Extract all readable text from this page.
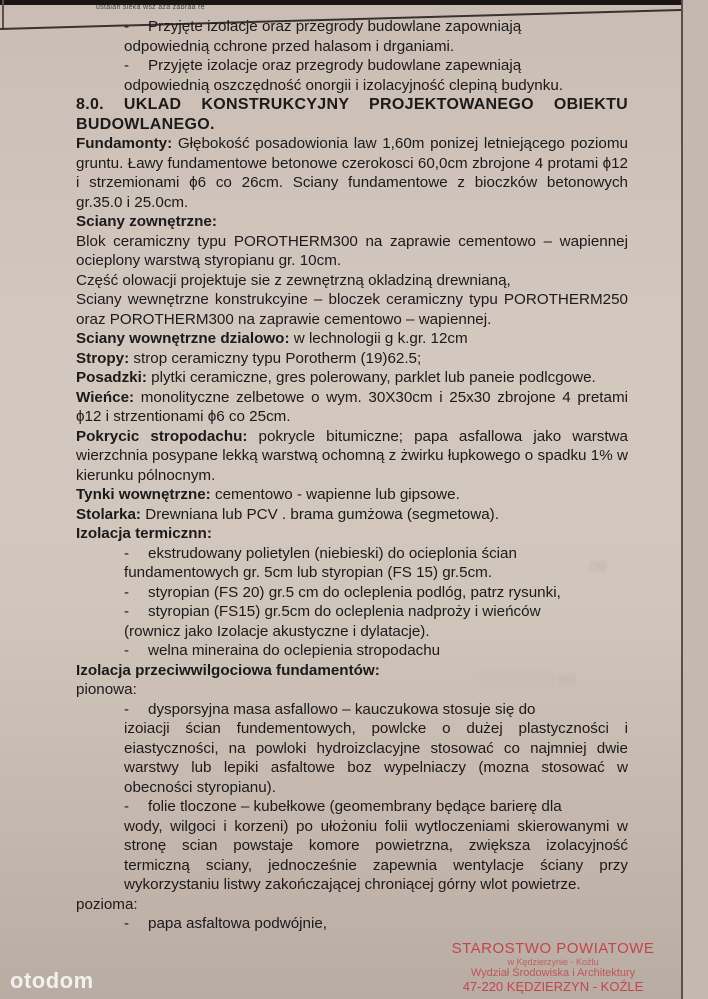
ustalan sieka wsz aza zabraa re
00
░░░░░░░ 00

- Przyjęte izolacje oraz przegrody budowlane zapowniają

odpowiednią cchrone przed halasom i drganiami.

- Przyjęte izolacje oraz przegrody budowlane zapewniają

odpowiednią oszczędność onorgii i izolacyjność clepiną budynku.

8.0. UKLAD KONSTRUKCYJNY PROJEKTOWANEGO OBIEKTU BUDOWLANEGO.

Fundamonty: Głębokość posadowionia law 1,60m ponizej letniejącego poziomu gruntu. Ławy fundamentowe betonowe czerokosci 60,0cm zbrojone 4 protami ϕ12 i strzemionami ϕ6 co 26cm. Sciany fundamentowe z bioczków betonowych gr.35.0 i 25.0cm.

Sciany zownętrzne:

Blok ceramiczny typu POROTHERM300 na zaprawie cementowo – wapiennej ocieplony warstwą styropianu gr. 10cm.

Część olowacji projektuje sie z zewnętrzną okladziną drewnianą,

Sciany wewnętrzne konstrukcyine – bloczek ceramiczny typu POROTHERM250 oraz POROTHERM300 na zaprawie cementowo – wapiennej.

Sciany wownętrzne dzialowo: w lechnologii g k.gr. 12cm

Stropy: strop ceramiczny typu Porotherm (19)62.5;

Posadzki: plytki ceramiczne, gres polerowany, parklet lub paneie podlcgowe.

Wieńce: monolityczne zelbetowe o wym. 30X30cm i 25x30 zbrojone 4 pretami ϕ12 i strzentionami ϕ6 co 25cm.

Pokrycic stropodachu: pokrycle bitumiczne; papa asfallowa jako warstwa wierzchnia posypane lekką warstwą ochomną z żwirku łupkowego o spadku 1% w kierunku pólnocnym.

Tynki wownętrzne: cementowo - wapienne lub gipsowe.

Stolarka: Drewniana lub PCV . brama gumżowa (segmetowa).

Izolacja termicznn:

- ekstrudowany polietylen (niebieski) do ocieplonia ścian

fundamentowych gr. 5cm lub styropian (FS 15) gr.5cm.

- styropian (FS 20) gr.5 cm do ocleplenia podlóg, patrz rysunki,

- styropian (FS15) gr.5cm do ocleplenia nadproży i wieńców

(rownicz jako Izolacje akustyczne i dylatacje).

- welna mineraina do oclepienia stropodachu

Izolacja przeciwwilgociowa fundamentów:

pionowa:

- dysporsyjna masa asfallowo – kauczukowa stosuje się do

izoiacji ścian fundementowych, powlcke o dużej plastyczności i eiastyczności, na powloki hydroizclacyjne stosować co najmniej dwie warstwy lub lepiki asfaltowe boz wypelniaczy (mozna stosować w obecności styropianu).

- folie tloczone – kubełkowe (geomembrany będące barierę dla

wody, wilgoci i korzeni) po ułożoniu folii wytloczeniami skierowanymi w stronę scian powstaje komore powietrzna, zwiększa izolacyjność termiczną sciany, jednocześnie zapewnia wentylacje ściany przy wykorzystaniu listwy zakończającej chroniącej górny wlot powietrze.

pozioma:

- papa asfaltowa podwójnie,

STAROSTWO POWIATOWE
w Kędzierzynie - Koźlu
Wydział Środowiska i Architektury
47-220 KĘDZIERZYN - KOŹLE
otodom
